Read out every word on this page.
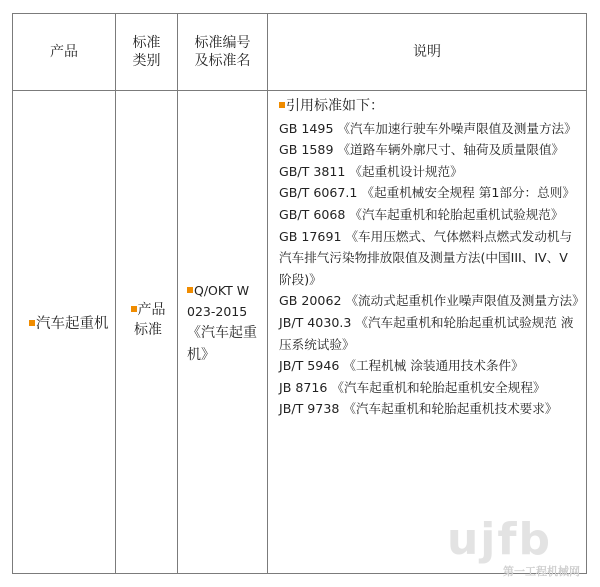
产品
标准类别
标准编号及标准名
说明
汽车起重机
产品标准
Q/OKT W 023-2015
《汽车起重机》

引用标准如下：

GB 1495 《汽车加速行驶车外噪声限值及测量方法》

GB 1589 《道路车辆外廓尺寸、轴荷及质量限值》

GB/T 3811 《起重机设计规范》

GB/T 6067.1 《起重机械安全规程 第1部分：总则》

GB/T 6068 《汽车起重机和轮胎起重机试验规范》

GB 17691 《车用压燃式、气体燃料点燃式发动机与汽车排气污染物排放限值及测量方法(中国III、IV、V阶段)》

GB 20062 《流动式起重机作业噪声限值及测量方法》

JB/T 4030.3 《汽车起重机和轮胎起重机试验规范 液压系统试验》

JB/T 5946 《工程机械 涂装通用技术条件》

JB 8716 《汽车起重机和轮胎起重机安全规程》

JB/T 9738 《汽车起重机和轮胎起重机技术要求》

ujfb
第一工程机械网
